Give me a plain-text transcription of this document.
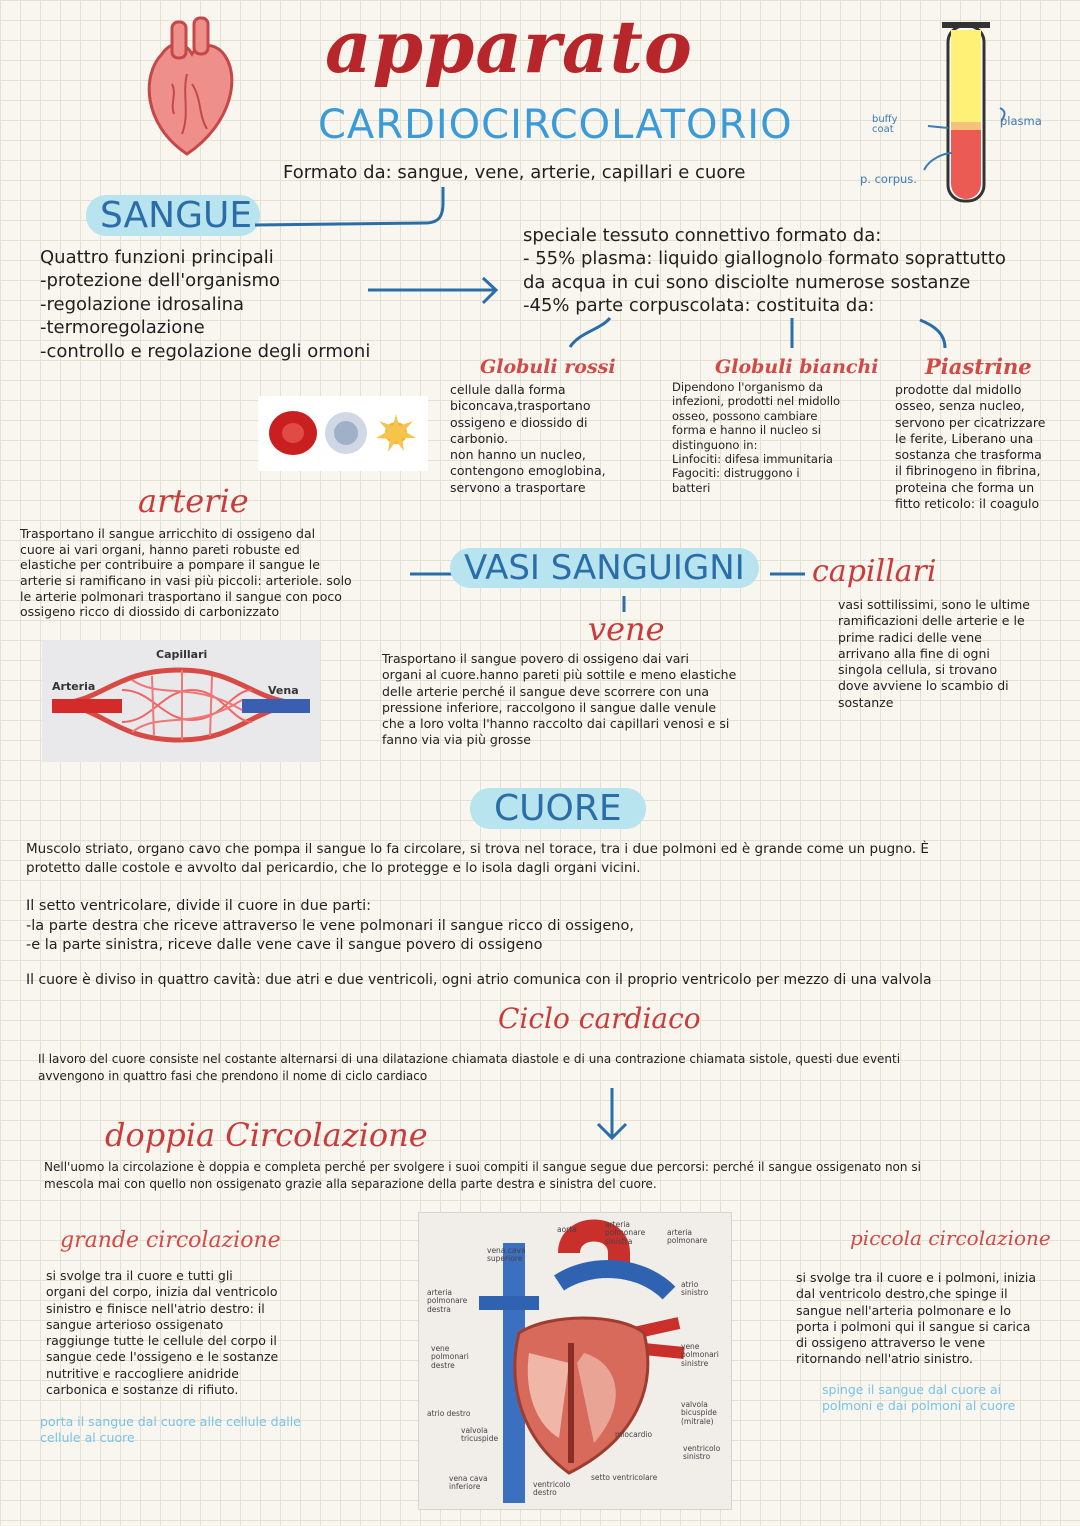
apparato
CARDIOCIRCOLATORIO
Formato da: sangue, vene, arterie, capillari e cuore
buffy coat
plasma
p. corpus.
SANGUE
Quattro funzioni principali
-protezione dell'organismo
-regolazione idrosalina
-termoregolazione
-controllo e regolazione degli ormoni
speciale tessuto connettivo formato da:
- 55% plasma: liquido giallognolo formato soprattutto
da acqua in cui sono disciolte numerose sostanze
-45% parte corpuscolata: costituita da:
Globuli rossi
cellule dalla forma
biconcava,trasportano
ossigeno e diossido di
carbonio.
non hanno un nucleo,
contengono emoglobina,
servono a trasportare
Globuli bianchi
Dipendono l'organismo da
infezioni, prodotti nel midollo
osseo, possono cambiare
forma e hanno il nucleo si
distinguono in:
Linfociti: difesa immunitaria
Fagociti: distruggono i
batteri
Piastrine
prodotte dal midollo
osseo, senza nucleo,
servono per cicatrizzare
le ferite, Liberano una
sostanza che trasforma
il fibrinogeno in fibrina,
proteina che forma un
fitto reticolo: il coagulo
arterie
Trasportano il sangue arricchito di ossigeno dal
cuore ai vari organi, hanno pareti robuste ed
elastiche per contribuire a pompare il sangue le
arterie si ramificano in vasi più piccoli: arteriole. solo
le arterie polmonari trasportano il sangue con poco
ossigeno ricco di diossido di carbonizzato
VASI SANGUIGNI	capillari
vasi sottilissimi, sono le ultime
ramificazioni delle arterie e le
prime radici delle vene
arrivano alla fine di ogni
singola cellula, si trovano
dove avviene lo scambio di
sostanze
vene
Trasportano il sangue povero di ossigeno dai vari
organi al cuore.hanno pareti più sottile e meno elastiche
delle arterie perché il sangue deve scorrere con una
pressione inferiore, raccolgono il sangue dalle venule
che a loro volta l'hanno raccolto dai capillari venosi e si
fanno via via più grosse
Capillari
Arteria	Vena
CUORE
Muscolo striato, organo cavo che pompa il sangue lo fa circolare, si trova nel torace, tra i due polmoni ed è grande come un pugno. È
protetto dalle costole e avvolto dal pericardio, che lo protegge e lo isola dagli organi vicini.
Il setto ventricolare, divide il cuore in due parti:
-la parte destra che riceve attraverso le vene polmonari il sangue ricco di ossigeno,
-e la parte sinistra, riceve dalle vene cave il sangue povero di ossigeno
Il cuore è diviso in quattro cavità: due atri e due ventricoli, ogni atrio comunica con il proprio ventricolo per mezzo di una valvola
Ciclo cardiaco
Il lavoro del cuore consiste nel costante alternarsi di una dilatazione chiamata diastole e di una contrazione chiamata sistole, questi due eventi
avvengono in quattro fasi che prendono il nome di ciclo cardiaco
doppia Circolazione
Nell'uomo la circolazione è doppia e completa perché per svolgere i suoi compiti il sangue segue due percorsi: perché il sangue ossigenato non si
mescola mai con quello non ossigenato grazie alla separazione della parte destra e sinistra del cuore.
grande circolazione
si svolge tra il cuore e tutti gli
organi del corpo, inizia dal ventricolo
sinistro e finisce nell'atrio destro: il
sangue arterioso ossigenato
raggiunge tutte le cellule del corpo il
sangue cede l'ossigeno e le sostanze
nutritive e raccogliere anidride
carbonica e sostanze di rifiuto.
porta il sangue dal cuore alle cellule dalle
cellule al cuore
piccola circolazione
si svolge tra il cuore e i polmoni, inizia
dal ventricolo destro,che spinge il
sangue nell'arteria polmonare e lo
porta i polmoni qui il sangue si carica
di ossigeno attraverso le vene
ritornando nell'atrio sinistro.
spinge il sangue dal cuore ai
polmoni e dai polmoni al cuore
aorta
arteria polmonare sinistra
arteria polmonare
vena cava superiore
arteria polmonare destra
atrio sinistro
vene polmonari destre
vene polmonari sinistre
atrio destro
valvola bicuspide (mitrale)
miocardio
valvola tricuspide
ventricolo sinistro
vena cava inferiore	ventricolo destro
setto ventricolare
